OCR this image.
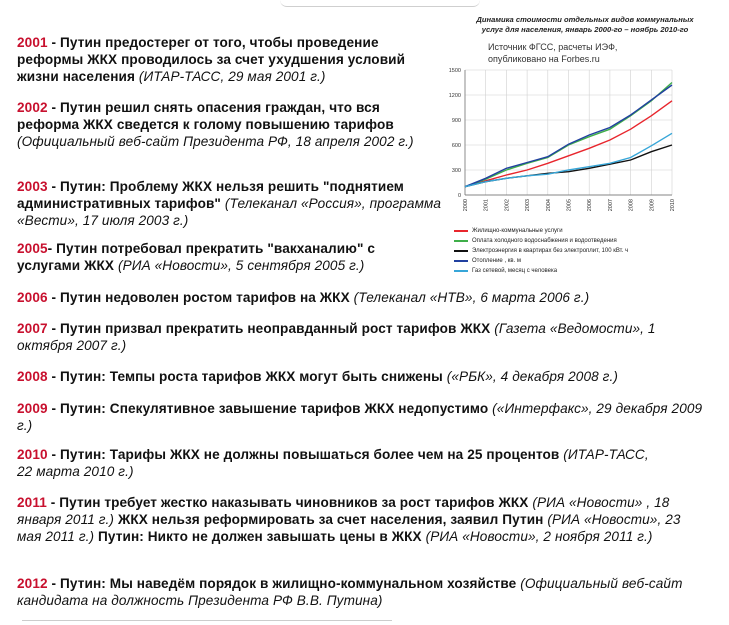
2001 - Путин предостерег от того, чтобы проведение реформы ЖКХ проводилось за счет ухудшения условий жизни населения (ИТАР-ТАСС, 29 мая 2001 г.)
2002 - Путин решил снять опасения граждан, что вся реформа ЖКХ сведется к голому повышению тарифов (Официальный веб-сайт Президента РФ, 18 апреля 2002 г.)
2003 - Путин: Проблему ЖКХ нельзя решить "поднятием административных тарифов" (Телеканал «Россия», программа «Вести», 17 июля 2003 г.)
2005- Путин потребовал прекратить "вакханалию" с услугами ЖКХ (РИА «Новости», 5 сентября 2005 г.)
2006 - Путин недоволен ростом тарифов на ЖКХ (Телеканал «НТВ», 6 марта 2006 г.)
2007 - Путин призвал прекратить неоправданный рост тарифов ЖКХ (Газета «Ведомости», 1 октября 2007 г.)
2008 - Путин: Темпы роста тарифов ЖКХ могут быть снижены («РБК», 4 декабря 2008 г.)
2009 - Путин: Спекулятивное завышение тарифов ЖКХ недопустимо («Интерфакс», 29 декабря 2009 г.)
2010 - Путин: Тарифы ЖКХ не должны повышаться более чем на 25 процентов (ИТАР-ТАСС, 22 марта 2010 г.)
2011 - Путин требует жестко наказывать чиновников за рост тарифов ЖКХ (РИА «Новости» , 18 января 2011 г.) ЖКХ нельзя реформировать за счет населения, заявил Путин (РИА «Новости», 23 мая 2011 г.) Путин: Никто не должен завышать цены в ЖКХ (РИА «Новости», 2 ноября 2011 г.)
2012 - Путин: Мы наведём порядок в жилищно-коммунальном хозяйстве (Официальный веб-сайт кандидата на должность Президента РФ В.В. Путина)
Динамика стоимости отдельных видов коммунальных
услуг для населения, январь 2000-го – ноябрь 2010-го
Источник ФГСС, расчеты ИЭФ,
опубликовано на Forbes.ru
0
300
600
900
1200
1500
2000	2001	2002	2003	2004	2005	2006	2007	2008	2009	2010
Жилищно-коммунальные услуги
Оплата холодного водоснабжения и водоотведения
Электроэнергия в квартирах без электроплит, 100 кВт. ч
Отопление , кв. м
Газ сетевой, месяц с человека
